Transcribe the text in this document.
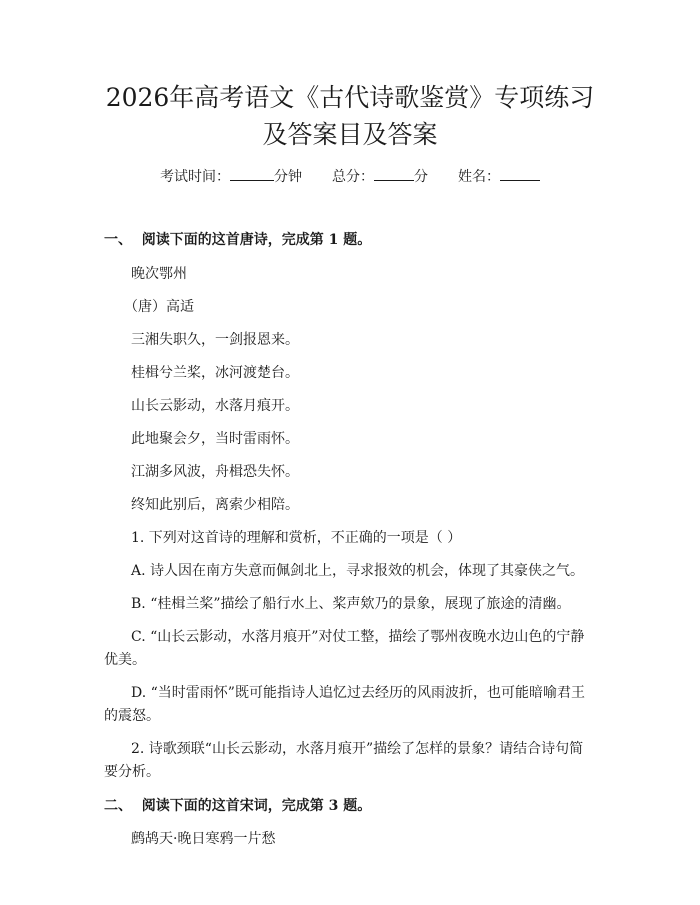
2026年高考语文《古代诗歌鉴赏》专项练习
及答案目及答案
考试时间：	分钟 总分：	分 姓名：
一、  阅读下面的这首唐诗，完成第 1 题。
晚次鄂州
（唐）高适
三湘失职久，一剑报恩来。
桂楫兮兰桨，冰河渡楚台。
山长云影动，水落月痕开。
此地聚会夕，当时雷雨怀。
江湖多风波，舟楫恐失怀。
终知此别后，离索少相陪。
1. 下列对这首诗的理解和赏析，不正确的一项是（ ）
A. 诗人因在南方失意而佩剑北上，寻求报效的机会，体现了其豪侠之气。
B. “桂楫兰桨”描绘了船行水上、桨声欸乃的景象，展现了旅途的清幽。
C. “山长云影动，水落月痕开”对仗工整，描绘了鄂州夜晚水边山色的宁静
优美。
D. “当时雷雨怀”既可能指诗人追忆过去经历的风雨波折，也可能暗喻君王
的震怒。
2. 诗歌颈联“山长云影动，水落月痕开”描绘了怎样的景象？请结合诗句简
要分析。
二、  阅读下面的这首宋词，完成第 3 题。
鹧鸪天·晚日寒鸦一片愁
